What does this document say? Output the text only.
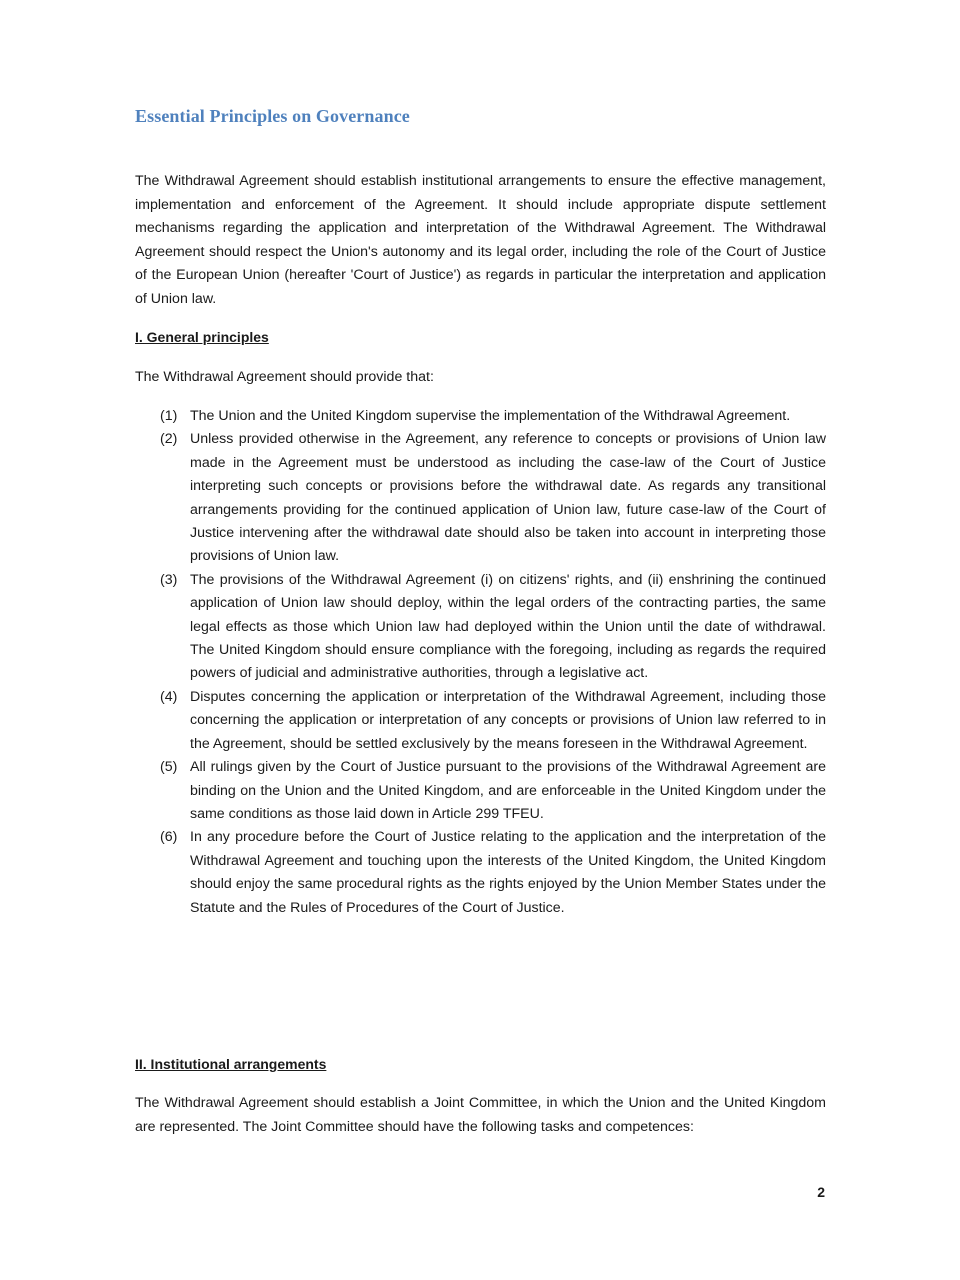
Essential Principles on Governance

The Withdrawal Agreement should establish institutional arrangements to ensure the effective management, implementation and enforcement of the Agreement. It should include appropriate dispute settlement mechanisms regarding the application and interpretation of the Withdrawal Agreement. The Withdrawal Agreement should respect the Union's autonomy and its legal order, including the role of the Court of Justice of the European Union (hereafter 'Court of Justice') as regards in particular the interpretation and application of Union law.

I. General principles

The Withdrawal Agreement should provide that:

(1) The Union and the United Kingdom supervise the implementation of the Withdrawal Agreement.
(2) Unless provided otherwise in the Agreement, any reference to concepts or provisions of Union law made in the Agreement must be understood as including the case-law of the Court of Justice interpreting such concepts or provisions before the withdrawal date. As regards any transitional arrangements providing for the continued application of Union law, future case-law of the Court of Justice intervening after the withdrawal date should also be taken into account in interpreting those provisions of Union law.
(3) The provisions of the Withdrawal Agreement (i) on citizens' rights, and (ii) enshrining the continued application of Union law should deploy, within the legal orders of the contracting parties, the same legal effects as those which Union law had deployed within the Union until the date of withdrawal. The United Kingdom should ensure compliance with the foregoing, including as regards the required powers of judicial and administrative authorities, through a legislative act.
(4) Disputes concerning the application or interpretation of the Withdrawal Agreement, including those concerning the application or interpretation of any concepts or provisions of Union law referred to in the Agreement, should be settled exclusively by the means foreseen in the Withdrawal Agreement.
(5) All rulings given by the Court of Justice pursuant to the provisions of the Withdrawal Agreement are binding on the Union and the United Kingdom, and are enforceable in the United Kingdom under the same conditions as those laid down in Article 299 TFEU.
(6) In any procedure before the Court of Justice relating to the application and the interpretation of the Withdrawal Agreement and touching upon the interests of the United Kingdom, the United Kingdom should enjoy the same procedural rights as the rights enjoyed by the Union Member States under the Statute and the Rules of Procedures of the Court of Justice.

II. Institutional arrangements

The Withdrawal Agreement should establish a Joint Committee, in which the Union and the United Kingdom are represented. The Joint Committee should have the following tasks and competences:

2
